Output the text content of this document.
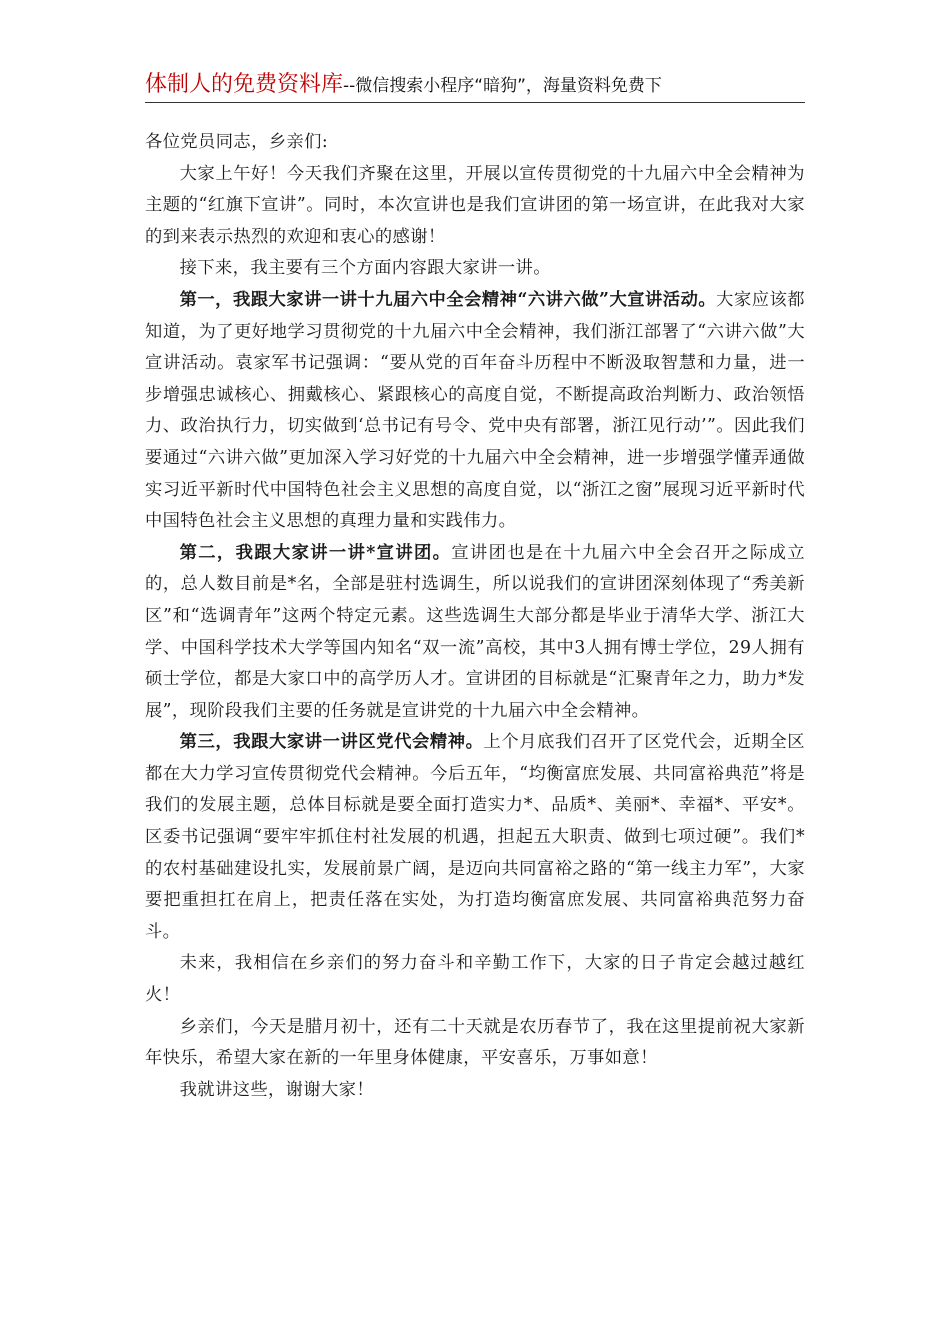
体制人的免费资料库--微信搜索小程序“暗狗”，海量资料免费下

各位党员同志，乡亲们:

大家上午好！今天我们齐聚在这里，开展以宣传贯彻党的十九届六中全会精神为主题的“红旗下宣讲”。同时，本次宣讲也是我们宣讲团的第一场宣讲，在此我对大家的到来表示热烈的欢迎和衷心的感谢！

接下来，我主要有三个方面内容跟大家讲一讲。

第一，我跟大家讲一讲十九届六中全会精神“六讲六做”大宣讲活动。大家应该都知道，为了更好地学习贯彻党的十九届六中全会精神，我们浙江部署了“六讲六做”大宣讲活动。袁家军书记强调：“要从党的百年奋斗历程中不断汲取智慧和力量，进一步增强忠诚核心、拥戴核心、紧跟核心的高度自觉，不断提高政治判断力、政治领悟力、政治执行力，切实做到‘总书记有号令、党中央有部署，浙江见行动’”。因此我们要通过“六讲六做”更加深入学习好党的十九届六中全会精神，进一步增强学懂弄通做实习近平新时代中国特色社会主义思想的高度自觉，以“浙江之窗”展现习近平新时代中国特色社会主义思想的真理力量和实践伟力。

第二，我跟大家讲一讲*宣讲团。宣讲团也是在十九届六中全会召开之际成立的，总人数目前是*名，全部是驻村选调生，所以说我们的宣讲团深刻体现了“秀美新区”和“选调青年”这两个特定元素。这些选调生大部分都是毕业于清华大学、浙江大学、中国科学技术大学等国内知名“双一流”高校，其中3人拥有博士学位，29人拥有硕士学位，都是大家口中的高学历人才。宣讲团的目标就是“汇聚青年之力，助力*发展”，现阶段我们主要的任务就是宣讲党的十九届六中全会精神。

第三，我跟大家讲一讲区党代会精神。上个月底我们召开了区党代会，近期全区都在大力学习宣传贯彻党代会精神。今后五年，“均衡富庶发展、共同富裕典范”将是我们的发展主题，总体目标就是要全面打造实力*、品质*、美丽*、幸福*、平安*。区委书记强调“要牢牢抓住村社发展的机遇，担起五大职责、做到七项过硬”。我们*的农村基础建设扎实，发展前景广阔，是迈向共同富裕之路的“第一线主力军”，大家要把重担扛在肩上，把责任落在实处，为打造均衡富庶发展、共同富裕典范努力奋斗。

未来，我相信在乡亲们的努力奋斗和辛勤工作下，大家的日子肯定会越过越红火！

乡亲们，今天是腊月初十，还有二十天就是农历春节了，我在这里提前祝大家新年快乐，希望大家在新的一年里身体健康，平安喜乐，万事如意！

我就讲这些，谢谢大家！
